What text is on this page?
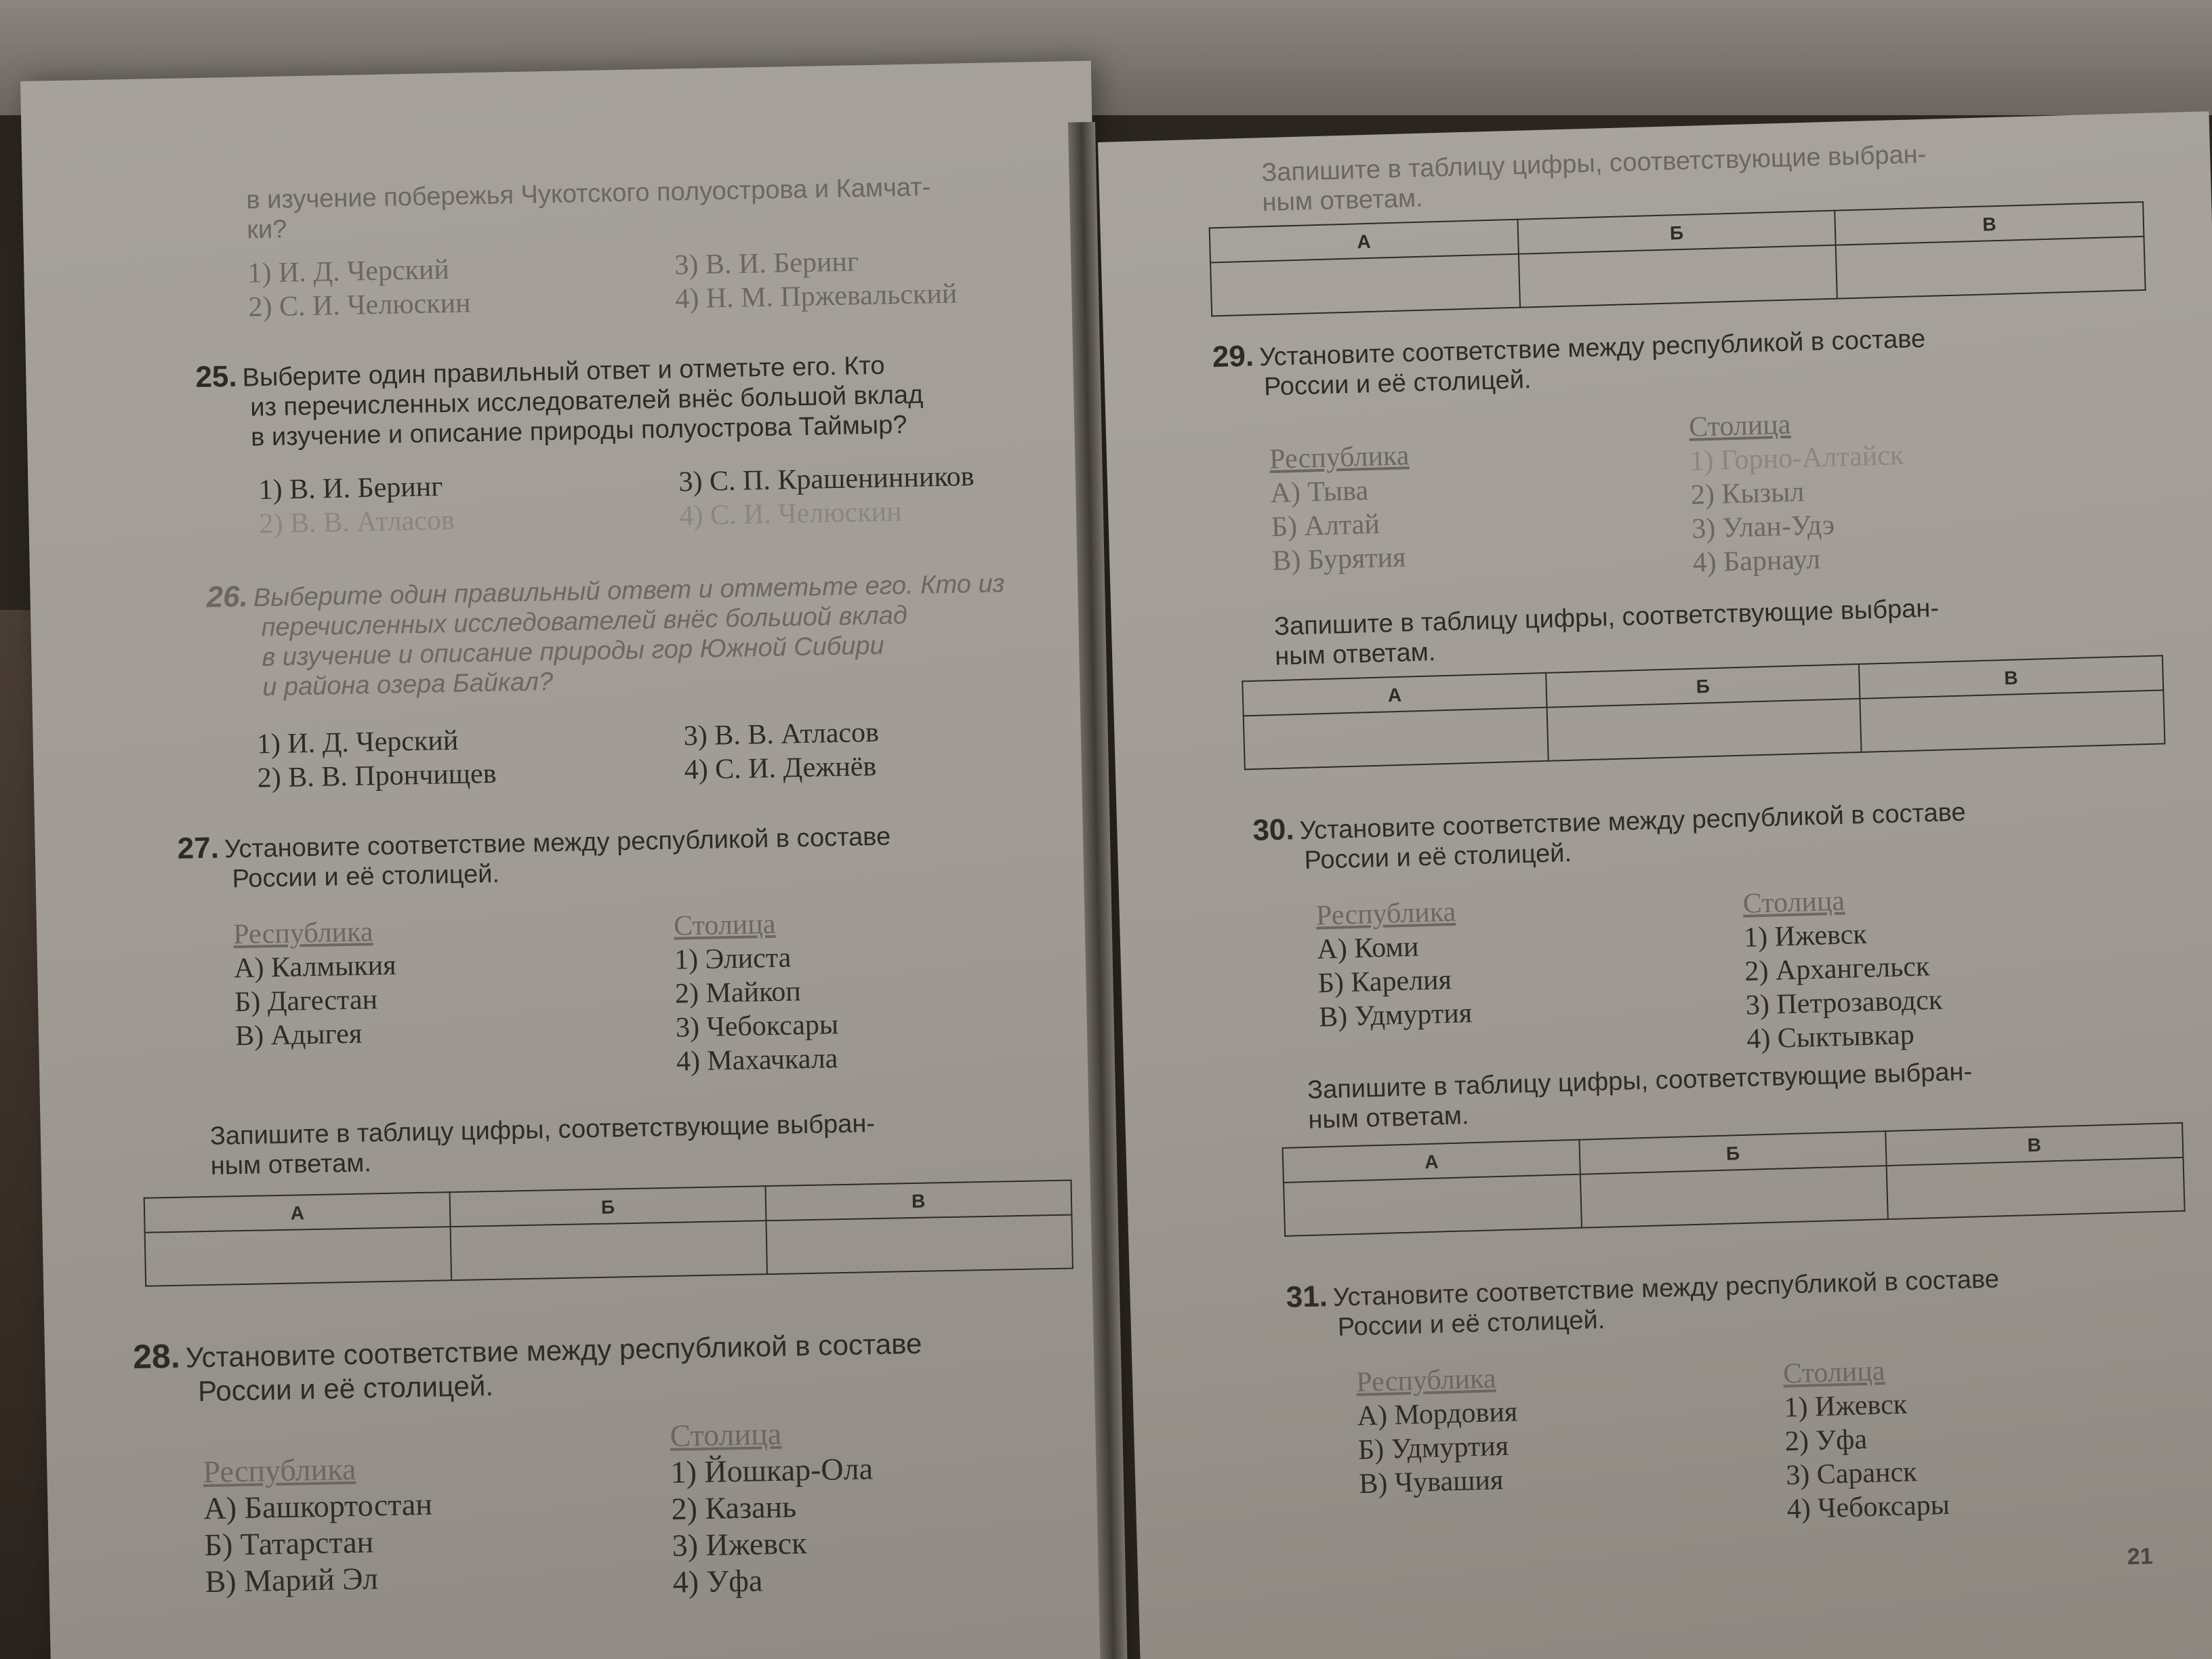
в изучение побережья Чукотского полуострова и Камчат-
ки?
1) И. Д. Черский
2) С. И. Челюскин
3) В. И. Беринг
4) Н. М. Пржевальский
25. Выберите один правильный ответ и отметьте его. Кто
из перечисленных исследователей внёс большой вклад
в изучение и описание природы полуострова Таймыр?
1) В. И. Беринг
2) В. В. Атласов
3) С. П. Крашенинников
4) С. И. Челюскин
26. Выберите один правильный ответ и отметьте его. Кто из
перечисленных исследователей внёс большой вклад
в изучение и описание природы гор Южной Сибири
и района озера Байкал?
1) И. Д. Черский
2) В. В. Прончищев
3) В. В. Атласов
4) С. И. Дежнёв
27. Установите соответствие между республикой в составе
России и её столицей.
Республика
А) Калмыкия
Б) Дагестан
В) Адыгея
Столица
1) Элиста
2) Майкоп
3) Чебоксары
4) Махачкала
Запишите в таблицу цифры, соответствующие выбран-
ным ответам.
А	Б	В

28. Установите соответствие между республикой в составе
России и её столицей.
Республика
А) Башкортостан
Б) Татарстан
В) Марий Эл
Столица
1) Йошкар-Ола
2) Казань
3) Ижевск
4) Уфа
Запишите в таблицу цифры, соответствующие выбран-
ным ответам.
А	Б	В

29. Установите соответствие между республикой в составе
России и её столицей.
Республика
А) Тыва
Б) Алтай
В) Бурятия
Столица
1) Горно-Алтайск
2) Кызыл
3) Улан-Удэ
4) Барнаул
Запишите в таблицу цифры, соответствующие выбран-
ным ответам.
А	Б	В

30. Установите соответствие между республикой в составе
России и её столицей.
Республика
А) Коми
Б) Карелия
В) Удмуртия
Столица
1) Ижевск
2) Архангельск
3) Петрозаводск
4) Сыктывкар
Запишите в таблицу цифры, соответствующие выбран-
ным ответам.
А	Б	В

31. Установите соответствие между республикой в составе
России и её столицей.
Республика
А) Мордовия
Б) Удмуртия
В) Чувашия
Столица
1) Ижевск
2) Уфа
3) Саранск
4) Чебоксары
21
